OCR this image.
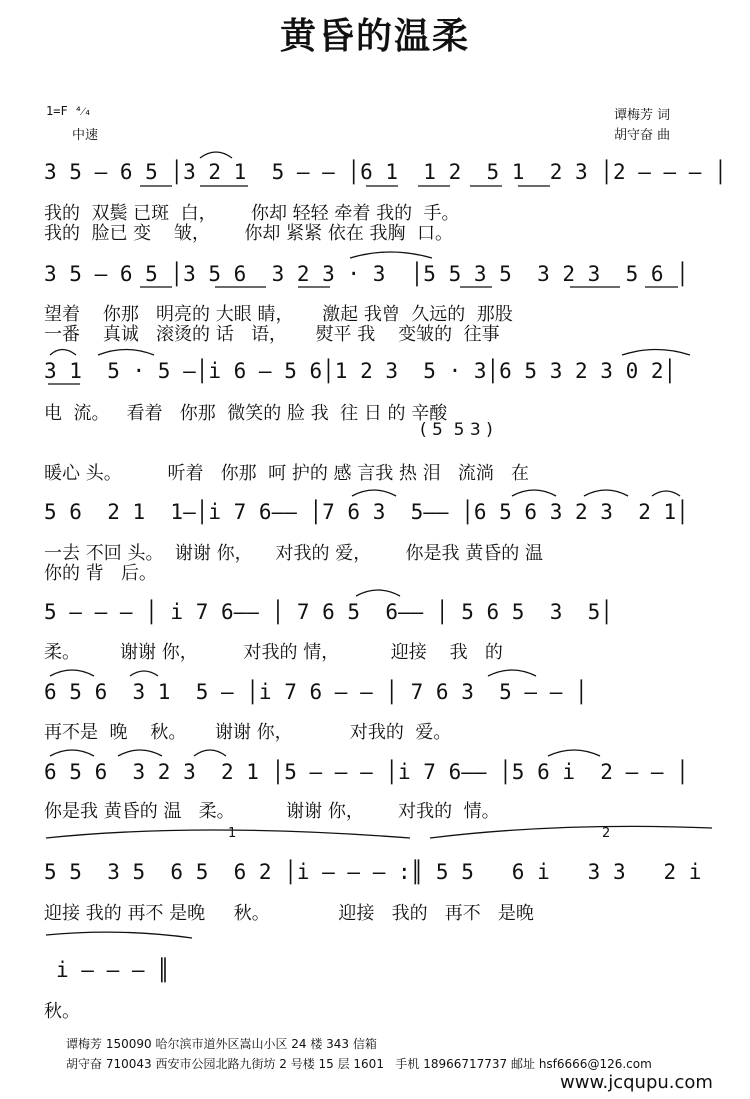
黄昏的温柔
1=F ⁴⁄₄
中速
谭梅芳 词
胡守奋 曲
3 5 — 6 5 │3 2 1  5 — — │6 1  1 2  5 1  2 3 │2 — — — │
我的  双鬓 已斑  白，      你却 轻轻 牵着 我的  手。
我的  脸已 变    皱，      你却 紧紧 依在 我胸  口。
3 5 — 6 5 │3 5 6  3 2 3 · 3  │5 5 3 5  3 2 3  5 6 │
望着    你那   明亮的 大眼 睛，     激起 我曾  久远的  那股
一番    真诚   滚烫的 话   语，     熨平 我    变皱的  往事
3 1  5 · 5 —│i 6 — 5 6│1 2 3  5 · 3│6 5 3 2 3 0 2│
电  流。   看着   你那  微笑的 脸 我  往 日 的 辛酸
( 5  5 3 )
暖心 头。        听着   你那  呵 护的 感 言我 热 泪   流淌   在
5 6  2 1  1—│i 7 6—— │7 6 3  5—— │6 5 6 3 2 3  2 1│
一去 不回 头。  谢谢 你，    对我的 爱，      你是我 黄昏的 温
你的 背   后。
5 — — — │ i 7 6—— │ 7 6 5  6—— │ 5 6 5  3  5│
柔。       谢谢 你，        对我的 情，         迎接    我   的
6 5 6  3 1  5 — │i 7 6 — — │ 7 6 3  5 — — │
再不是  晚    秋。     谢谢 你，          对我的  爱。
6 5 6  3 2 3  2 1 │5 — — — │i 7 6—— │5 6 i  2 — — │
你是我 黄昏的 温   柔。         谢谢 你，      对我的  情。
1	2
5 5  3 5  6 5  6 2 │i — — — :║ 5 5   6 i   3 3   2 i
迎接 我的 再不 是晚     秋。            迎接   我的   再不   是晚
i — — — ║
秋。
谭梅芳 150090 哈尔滨市道外区嵩山小区 24 楼 343 信箱
胡守奋 710043 西安市公园北路九街坊 2 号楼 15 层 1601   手机 18966717737 邮址 hsf6666@126.com
www.jcqupu.com
